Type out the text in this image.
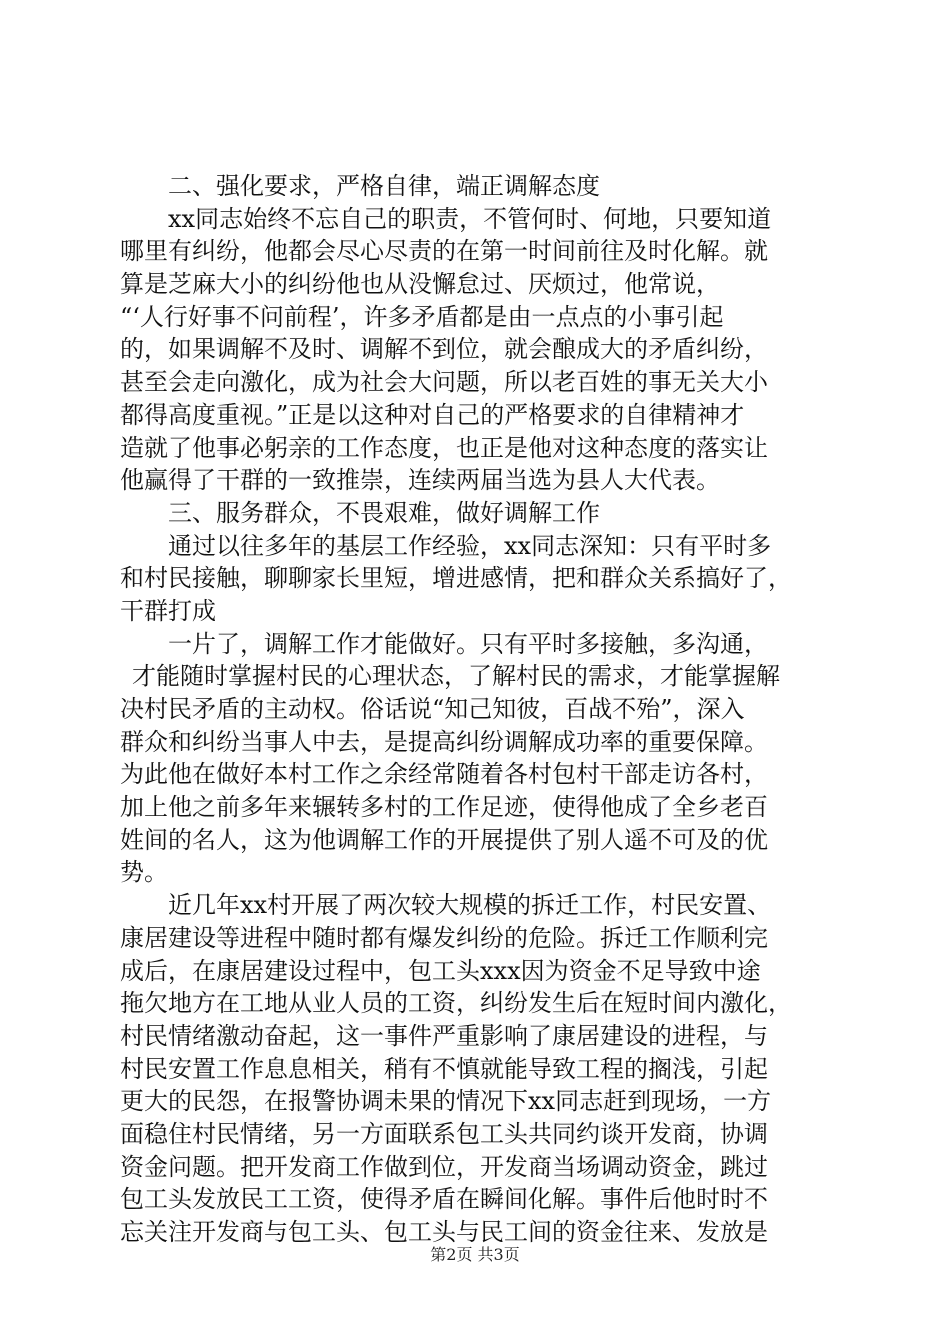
二、强化要求，严格自律，端正调解态度
xx同志始终不忘自己的职责，不管何时、何地，只要知道
哪里有纠纷，他都会尽心尽责的在第一时间前往及时化解。就
算是芝麻大小的纠纷他也从没懈怠过、厌烦过，他常说，
“‘人行好事不问前程’，许多矛盾都是由一点点的小事引起
的，如果调解不及时、调解不到位，就会酿成大的矛盾纠纷，
甚至会走向激化，成为社会大问题，所以老百姓的事无关大小
都得高度重视。”正是以这种对自己的严格要求的自律精神才
造就了他事必躬亲的工作态度，也正是他对这种态度的落实让
他赢得了干群的一致推崇，连续两届当选为县人大代表。
三、服务群众，不畏艰难，做好调解工作
通过以往多年的基层工作经验，xx同志深知：只有平时多
和村民接触，聊聊家长里短，增进感情，把和群众关系搞好了，
干群打成
一片了，调解工作才能做好。只有平时多接触，多沟通，
才能随时掌握村民的心理状态，了解村民的需求，才能掌握解
决村民矛盾的主动权。俗话说“知己知彼，百战不殆”，深入
群众和纠纷当事人中去，是提高纠纷调解成功率的重要保障。
为此他在做好本村工作之余经常随着各村包村干部走访各村，
加上他之前多年来辗转多村的工作足迹，使得他成了全乡老百
姓间的名人，这为他调解工作的开展提供了别人遥不可及的优
势。
近几年xx村开展了两次较大规模的拆迁工作，村民安置、
康居建设等进程中随时都有爆发纠纷的危险。拆迁工作顺利完
成后，在康居建设过程中，包工头xxx因为资金不足导致中途
拖欠地方在工地从业人员的工资，纠纷发生后在短时间内激化，
村民情绪激动奋起，这一事件严重影响了康居建设的进程，与
村民安置工作息息相关，稍有不慎就能导致工程的搁浅，引起
更大的民怨，在报警协调未果的情况下xx同志赶到现场，一方
面稳住村民情绪，另一方面联系包工头共同约谈开发商，协调
资金问题。把开发商工作做到位，开发商当场调动资金，跳过
包工头发放民工工资，使得矛盾在瞬间化解。事件后他时时不
忘关注开发商与包工头、包工头与民工间的资金往来、发放是
第2页 共3页
